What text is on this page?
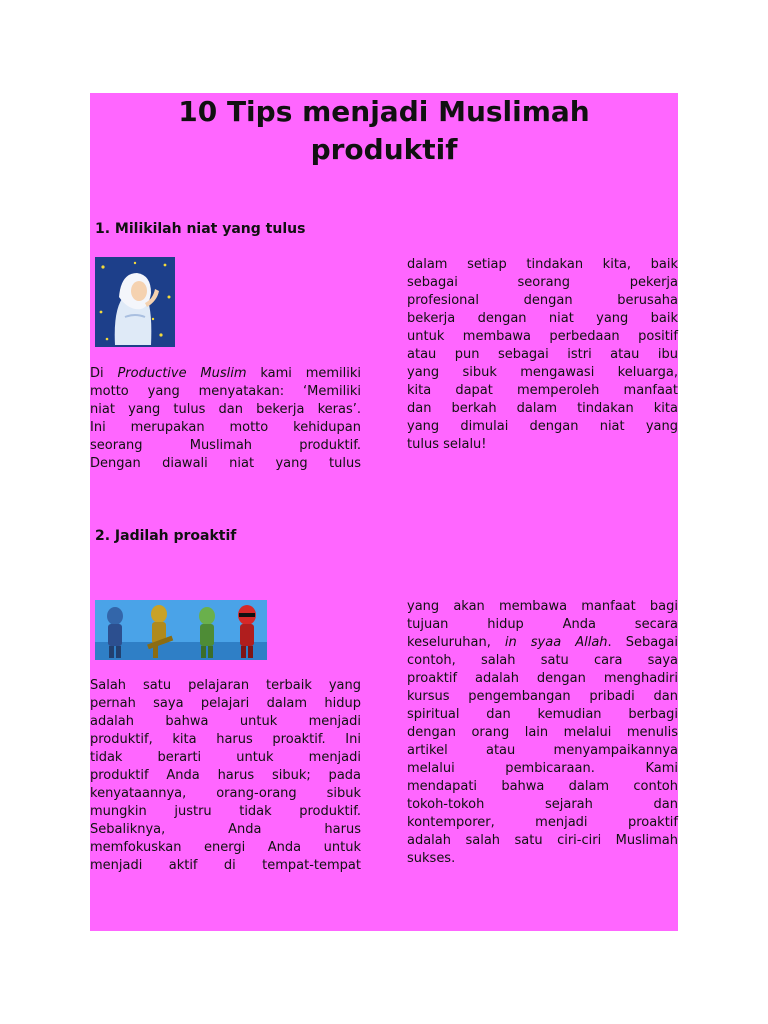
10 Tips menjadi Muslimah
produktif
1. Milikilah niat yang tulus
Di Productive Muslim kami memiliki
motto yang menyatakan: ‘Memiliki
niat yang tulus dan bekerja keras’.
Ini merupakan motto kehidupan
seorang Muslimah produktif.
Dengan diawali niat yang tulus
dalam setiap tindakan kita, baik
sebagai seorang pekerja
profesional dengan berusaha
bekerja dengan niat yang baik
untuk membawa perbedaan positif
atau pun sebagai istri atau ibu
yang sibuk mengawasi keluarga,
kita dapat memperoleh manfaat
dan berkah dalam tindakan kita
yang dimulai dengan niat yang
tulus selalu!
2. Jadilah proaktif
Salah satu pelajaran terbaik yang
pernah saya pelajari dalam hidup
adalah bahwa untuk menjadi
produktif, kita harus proaktif. Ini
tidak berarti untuk menjadi
produktif Anda harus sibuk; pada
kenyataannya, orang-orang sibuk
mungkin justru tidak produktif.
Sebaliknya, Anda harus
memfokuskan energi Anda untuk
menjadi aktif di tempat-tempat
yang akan membawa manfaat bagi
tujuan hidup Anda secara
keseluruhan, in syaa Allah. Sebagai
contoh, salah satu cara saya
proaktif adalah dengan menghadiri
kursus pengembangan pribadi dan
spiritual dan kemudian berbagi
dengan orang lain melalui menulis
artikel atau menyampaikannya
melalui pembicaraan. Kami
mendapati bahwa dalam contoh
tokoh-tokoh sejarah dan
kontemporer, menjadi proaktif
adalah salah satu ciri-ciri Muslimah
sukses.
